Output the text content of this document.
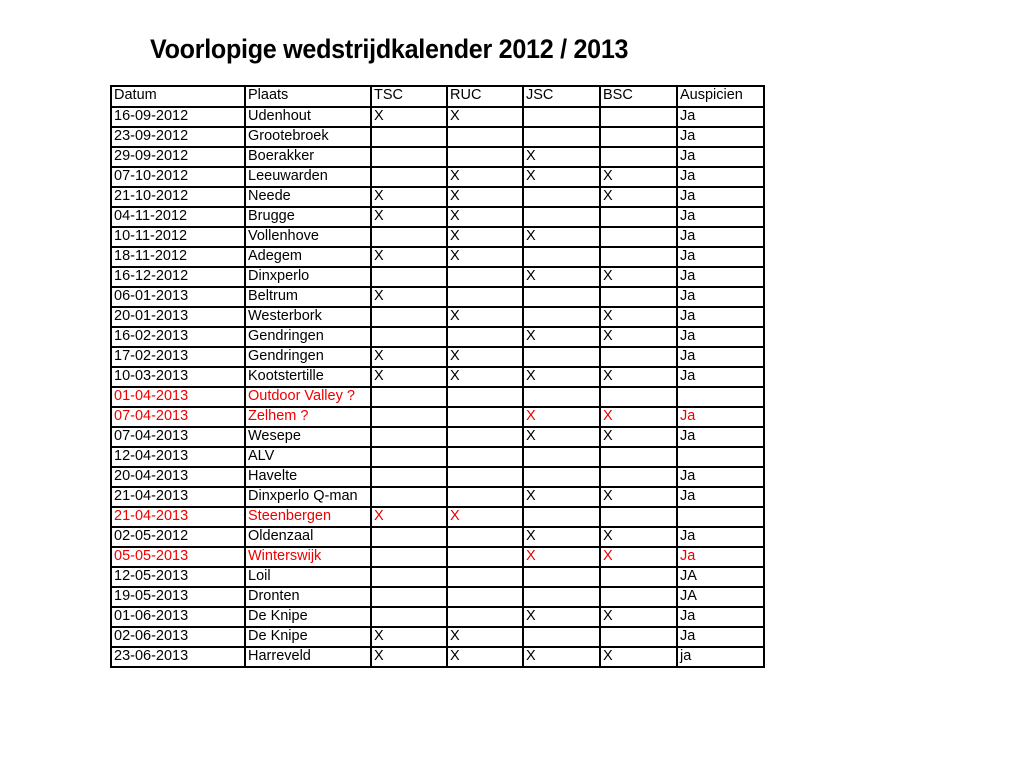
Voorlopige wedstrijdkalender 2012 / 2013
Datum	Plaats	TSC	RUC	JSC	BSC	Auspicien
16-09-2012	Udenhout	X	X			Ja
23-09-2012	Grootebroek					Ja
29-09-2012	Boerakker			X		Ja
07-10-2012	Leeuwarden		X	X	X	Ja
21-10-2012	Neede	X	X		X	Ja
04-11-2012	Brugge	X	X			Ja
10-11-2012	Vollenhove		X	X		Ja
18-11-2012	Adegem	X	X			Ja
16-12-2012	Dinxperlo			X	X	Ja
06-01-2013	Beltrum	X				Ja
20-01-2013	Westerbork		X		X	Ja
16-02-2013	Gendringen			X	X	Ja
17-02-2013	Gendringen	X	X			Ja
10-03-2013	Kootstertille	X	X	X	X	Ja
01-04-2013	Outdoor Valley ?					
07-04-2013	Zelhem ?			X	X	Ja
07-04-2013	Wesepe			X	X	Ja
12-04-2013	ALV					
20-04-2013	Havelte					Ja
21-04-2013	Dinxperlo Q-man			X	X	Ja
21-04-2013	Steenbergen	X	X			
02-05-2012	Oldenzaal			X	X	Ja
05-05-2013	Winterswijk			X	X	Ja
12-05-2013	Loil					JA
19-05-2013	Dronten					JA
01-06-2013	De Knipe			X	X	Ja
02-06-2013	De Knipe	X	X			Ja
23-06-2013	Harreveld	X	X	X	X	ja
